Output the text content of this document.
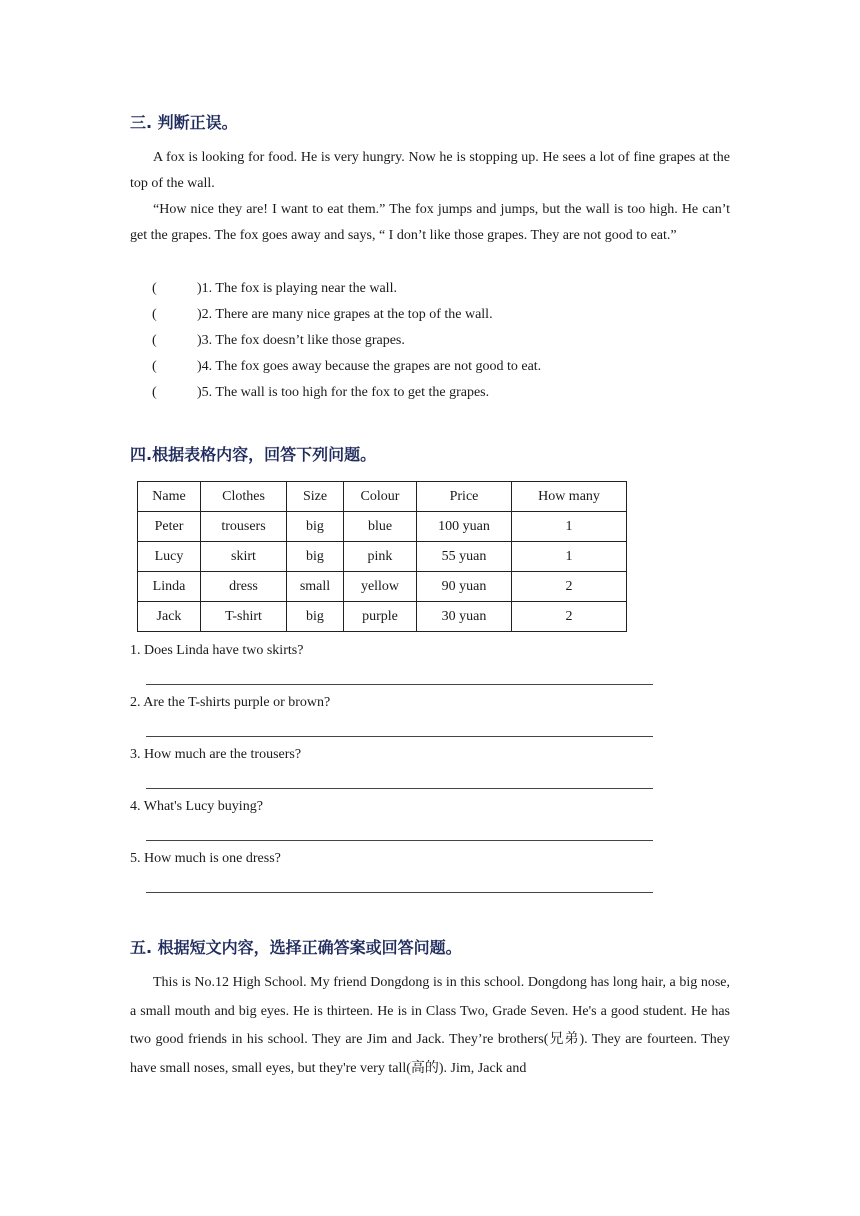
三. 判断正误。

A fox is looking for food. He is very hungry. Now he is stopping up. He sees a lot of fine grapes at the top of the wall.

“How nice they are! I want to eat them.” The fox jumps and jumps, but the wall is too high. He can’t get the grapes. The fox goes away and says, “ I don’t like those grapes. They are not good to eat.”

(	)1. The fox is playing near the wall.
(	)2. There are many nice grapes at the top of the wall.
(	)3. The fox doesn’t like those grapes.
(	)4. The fox goes away because the grapes are not good to eat.
(	)5. The wall is too high for the fox to get the grapes.
四.根据表格内容，回答下列问题。
Name	Clothes	Size	Colour	Price	How many
Peter	trousers	big	blue	100 yuan	1
Lucy	skirt	big	pink	55 yuan	1
Linda	dress	small	yellow	90 yuan	2
Jack	T-shirt	big	purple	30 yuan	2
1. Does Linda have two skirts?
2. Are the T-shirts purple or brown?
3. How much are the trousers?
4. What's Lucy buying?
5. How much is one dress?
五. 根据短文内容，选择正确答案或回答问题。

This is No.12 High School. My friend Dongdong is in this school. Dongdong has long hair, a big nose, a small mouth and big eyes. He is thirteen. He is in Class Two, Grade Seven. He's a good student. He has two good friends in his school. They are Jim and Jack. They’re brothers(兄弟). They are fourteen. They have small noses, small eyes, but they're very tall(高的). Jim, Jack and
